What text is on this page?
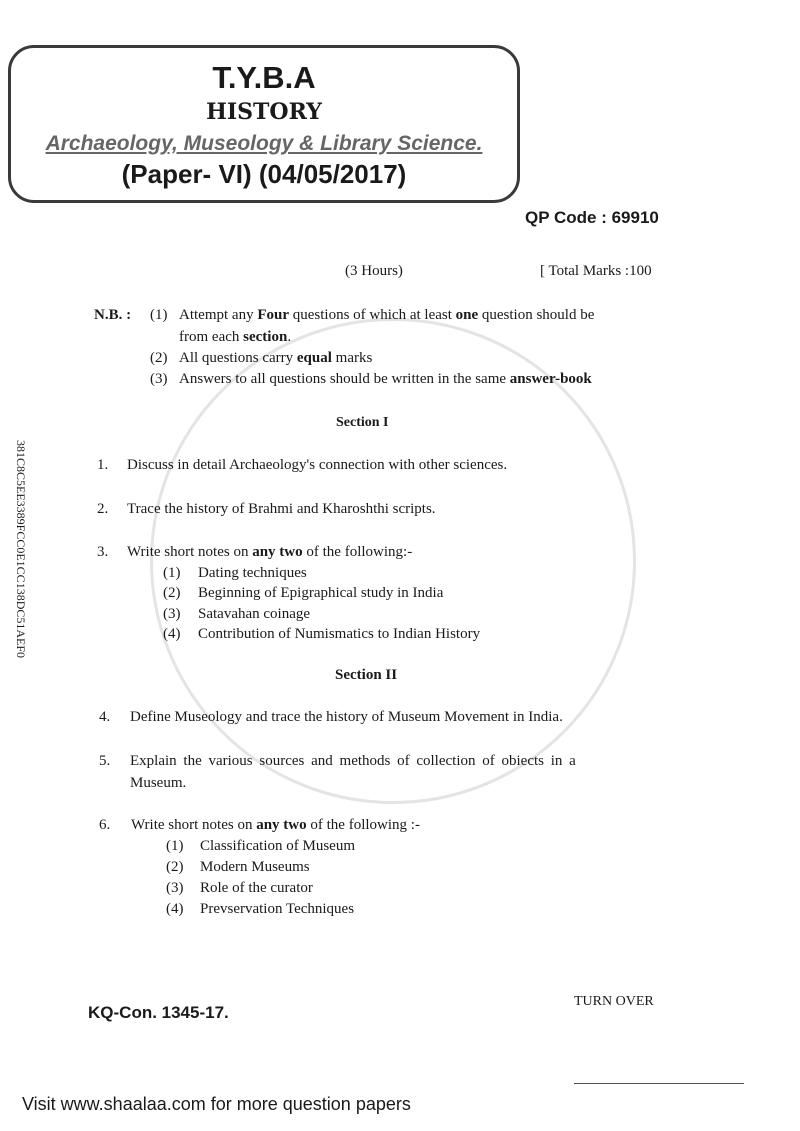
T.Y.B.A
HISTORY
Archaeology, Museology & Library Science.
(Paper- VI) (04/05/2017)
QP Code : 69910
(3 Hours)	[ Total Marks :100
381C8C5EE3389FCC0E1CC138DC51AEF0
N.B. : (1) Attempt any Four questions of which at least one question should be
from each section.
(2) All questions carry equal marks
(3) Answers to all questions should be written in the same answer-book
Section I
1. Discuss in detail Archaeology's connection with other sciences.
2. Trace the history of Brahmi and Kharoshthi scripts.
3. Write short notes on any two of the following:-
(1) Dating techniques
(2) Beginning of Epigraphical study in India
(3) Satavahan coinage
(4) Contribution of Numismatics to Indian History
Section II
4. Define Museology and trace the history of Museum Movement in India.
5. Explain the various sources and methods of collection of obiects in a
Museum.
6. Write short notes on any two of the following :-
(1) Classification of Museum
(2) Modern Museums
(3) Role of the curator
(4) Prevservation Techniques
KQ-Con. 1345-17.
TURN OVER
Visit www.shaalaa.com for more question papers
